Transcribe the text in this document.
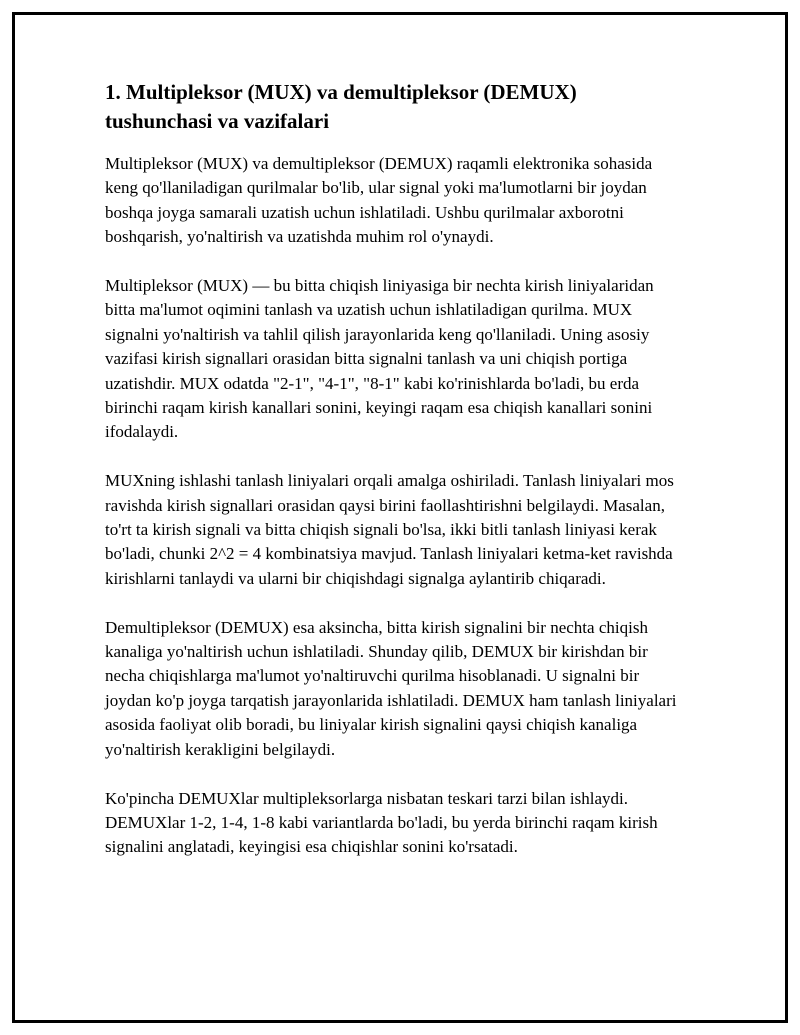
1. Multipleksor (MUX) va demultipleksor (DEMUX) tushunchasi va vazifalari

Multipleksor (MUX) va demultipleksor (DEMUX) raqamli elektronika sohasida keng qo'llaniladigan qurilmalar bo'lib, ular signal yoki ma'lumotlarni bir joydan boshqa joyga samarali uzatish uchun ishlatiladi. Ushbu qurilmalar axborotni boshqarish, yo'naltirish va uzatishda muhim rol o'ynaydi.

Multipleksor (MUX) — bu bitta chiqish liniyasiga bir nechta kirish liniyalaridan bitta ma'lumot oqimini tanlash va uzatish uchun ishlatiladigan qurilma. MUX signalni yo'naltirish va tahlil qilish jarayonlarida keng qo'llaniladi. Uning asosiy vazifasi kirish signallari orasidan bitta signalni tanlash va uni chiqish portiga uzatishdir. MUX odatda "2-1", "4-1", "8-1" kabi ko'rinishlarda bo'ladi, bu erda birinchi raqam kirish kanallari sonini, keyingi raqam esa chiqish kanallari sonini ifodalaydi.

MUXning ishlashi tanlash liniyalari orqali amalga oshiriladi. Tanlash liniyalari mos ravishda kirish signallari orasidan qaysi birini faollashtirishni belgilaydi. Masalan, to'rt ta kirish signali va bitta chiqish signali bo'lsa, ikki bitli tanlash liniyasi kerak bo'ladi, chunki 2^2 = 4 kombinatsiya mavjud. Tanlash liniyalari ketma-ket ravishda kirishlarni tanlaydi va ularni bir chiqishdagi signalga aylantirib chiqaradi.

Demultipleksor (DEMUX) esa aksincha, bitta kirish signalini bir nechta chiqish kanaliga yo'naltirish uchun ishlatiladi. Shunday qilib, DEMUX bir kirishdan bir necha chiqishlarga ma'lumot yo'naltiruvchi qurilma hisoblanadi. U signalni bir joydan ko'p joyga tarqatish jarayonlarida ishlatiladi. DEMUX ham tanlash liniyalari asosida faoliyat olib boradi, bu liniyalar kirish signalini qaysi chiqish kanaliga yo'naltirish kerakligini belgilaydi.

Ko'pincha DEMUXlar multipleksorlarga nisbatan teskari tarzi bilan ishlaydi. DEMUXlar 1-2, 1-4, 1-8 kabi variantlarda bo'ladi, bu yerda birinchi raqam kirish signalini anglatadi, keyingisi esa chiqishlar sonini ko'rsatadi.
